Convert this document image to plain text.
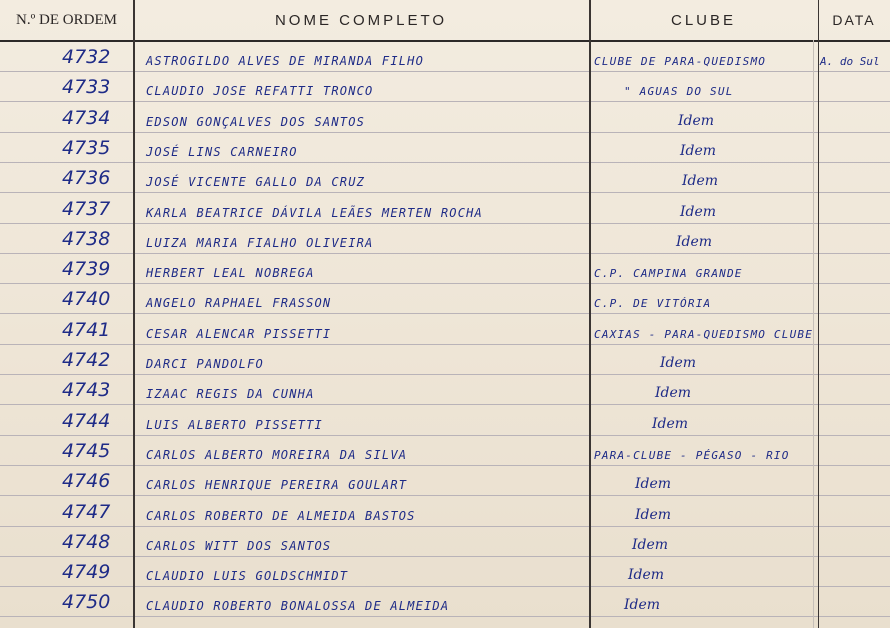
N.º DE ORDEM	NOME COMPLETO	CLUBE	DATA
4732	ASTROGILDO ALVES DE MIRANDA FILHO	CLUBE DE PARA-QUEDISMO	A. do Sul
4733	CLAUDIO JOSE REFATTI TRONCO	" AGUAS DO SUL
4734	EDSON GONÇALVES DOS SANTOS	Idem
4735	JOSÉ LINS CARNEIRO	Idem
4736	JOSÉ VICENTE GALLO DA CRUZ	Idem
4737	KARLA BEATRICE DÁVILA LEÃES MERTEN ROCHA	Idem
4738	LUIZA MARIA FIALHO OLIVEIRA	Idem
4739	HERBERT LEAL NOBREGA	C.P. CAMPINA GRANDE
4740	ANGELO RAPHAEL FRASSON	C.P. DE VITÓRIA
4741	CESAR ALENCAR PISSETTI	CAXIAS - PARA-QUEDISMO CLUBE
4742	DARCI PANDOLFO	Idem
4743	IZAAC REGIS DA CUNHA	Idem
4744	LUIS ALBERTO PISSETTI	Idem
4745	CARLOS ALBERTO MOREIRA DA SILVA	PARA-CLUBE - PÉGASO - RIO
4746	CARLOS HENRIQUE PEREIRA GOULART	Idem
4747	CARLOS ROBERTO DE ALMEIDA BASTOS	Idem
4748	CARLOS WITT DOS SANTOS	Idem
4749	CLAUDIO LUIS GOLDSCHMIDT	Idem
4750	CLAUDIO ROBERTO BONALOSSA DE ALMEIDA	Idem
